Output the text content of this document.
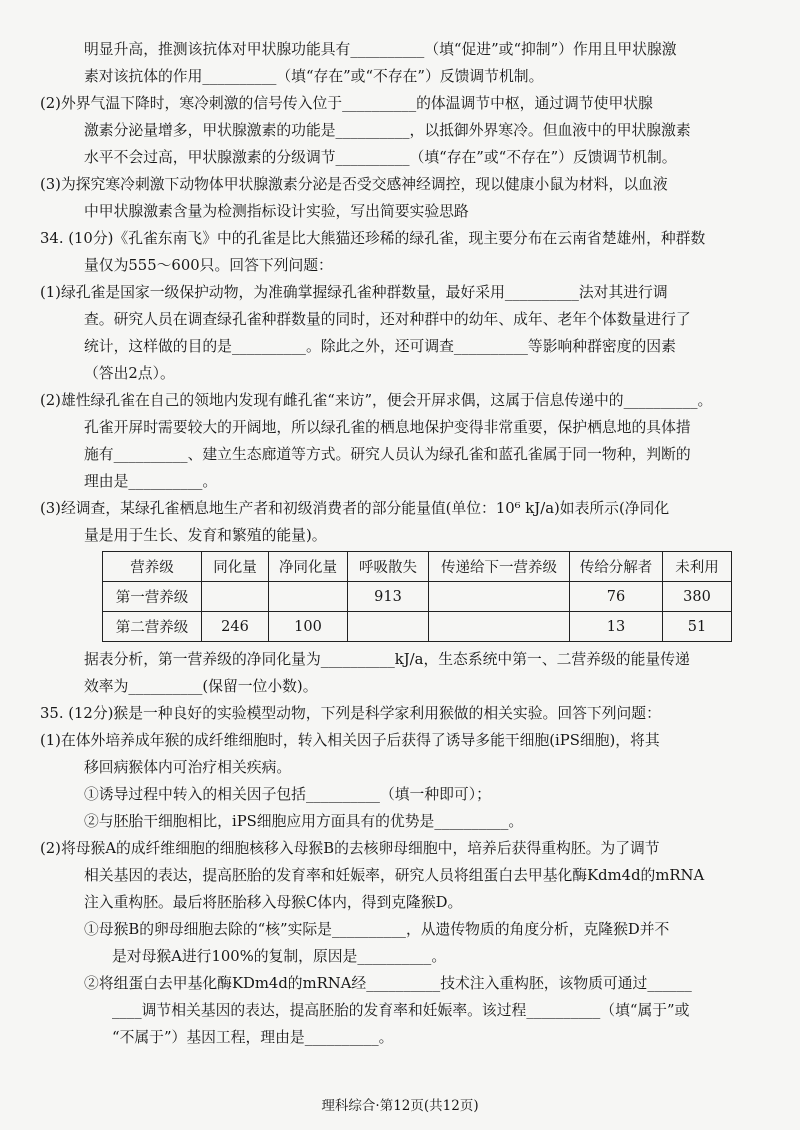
明显升高，推测该抗体对甲状腺功能具有__________（填“促进”或“抑制”）作用且甲状腺激
素对该抗体的作用__________（填“存在”或“不存在”）反馈调节机制。
(2)外界气温下降时，寒冷刺激的信号传入位于__________的体温调节中枢，通过调节使甲状腺
激素分泌量增多，甲状腺激素的功能是__________，以抵御外界寒冷。但血液中的甲状腺激素
水平不会过高，甲状腺激素的分级调节__________（填“存在”或“不存在”）反馈调节机制。
(3)为探究寒冷刺激下动物体甲状腺激素分泌是否受交感神经调控，现以健康小鼠为材料，以血液
中甲状腺激素含量为检测指标设计实验，写出简要实验思路
34. (10分)《孔雀东南飞》中的孔雀是比大熊猫还珍稀的绿孔雀，现主要分布在云南省楚雄州，种群数
量仅为555～600只。回答下列问题：
(1)绿孔雀是国家一级保护动物，为准确掌握绿孔雀种群数量，最好采用__________法对其进行调
查。研究人员在调查绿孔雀种群数量的同时，还对种群中的幼年、成年、老年个体数量进行了
统计，这样做的目的是__________。除此之外，还可调查__________等影响种群密度的因素
（答出2点）。
(2)雄性绿孔雀在自己的领地内发现有雌孔雀“来访”，便会开屏求偶，这属于信息传递中的__________。
孔雀开屏时需要较大的开阔地，所以绿孔雀的栖息地保护变得非常重要，保护栖息地的具体措
施有__________、建立生态廊道等方式。研究人员认为绿孔雀和蓝孔雀属于同一物种，判断的
理由是__________。
(3)经调查，某绿孔雀栖息地生产者和初级消费者的部分能量值(单位：10⁶ kJ/a)如表所示(净同化
量是用于生长、发育和繁殖的能量)。
营养级	同化量	净同化量	呼吸散失	传递给下一营养级	传给分解者	未利用
第一营养级			913		76	380
第二营养级	246	100			13	51
据表分析，第一营养级的净同化量为__________kJ/a，生态系统中第一、二营养级的能量传递
效率为__________(保留一位小数)。
35. (12分)猴是一种良好的实验模型动物，下列是科学家利用猴做的相关实验。回答下列问题：
(1)在体外培养成年猴的成纤维细胞时，转入相关因子后获得了诱导多能干细胞(iPS细胞)，将其
移回病猴体内可治疗相关疾病。
①诱导过程中转入的相关因子包括__________（填一种即可）；
②与胚胎干细胞相比，iPS细胞应用方面具有的优势是__________。
(2)将母猴A的成纤维细胞的细胞核移入母猴B的去核卵母细胞中，培养后获得重构胚。为了调节
相关基因的表达，提高胚胎的发育率和妊娠率，研究人员将组蛋白去甲基化酶Kdm4d的mRNA
注入重构胚。最后将胚胎移入母猴C体内，得到克隆猴D。
①母猴B的卵母细胞去除的“核”实际是__________，从遗传物质的角度分析，克隆猴D并不
是对母猴A进行100%的复制，原因是__________。
②将组蛋白去甲基化酶KDm4d的mRNA经__________技术注入重构胚，该物质可通过______
____调节相关基因的表达，提高胚胎的发育率和妊娠率。该过程__________（填“属于”或
“不属于”）基因工程，理由是__________。
理科综合·第12页(共12页)
